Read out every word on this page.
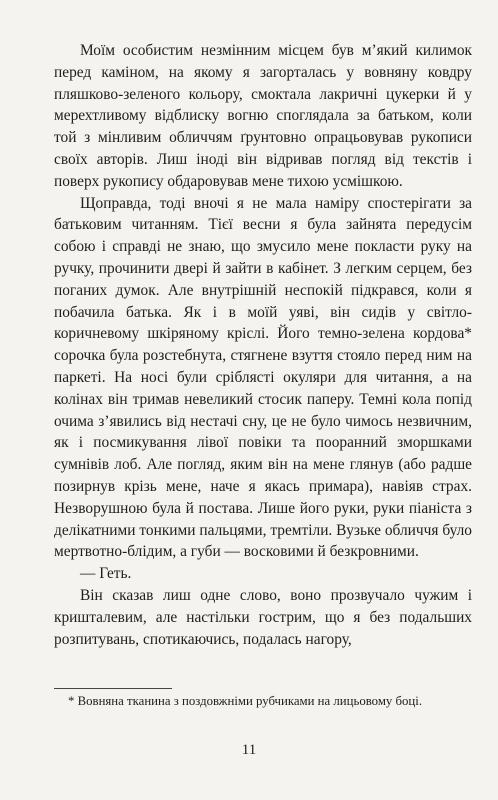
Моїм особистим незмінним місцем був м’який килимок перед каміном, на якому я загорталась у вовняну ковдру пляшково-зеленого кольору, смоктала лакричні цукерки й у мерехтливому відблиску вогню споглядала за батьком, коли той з мінливим обличчям ґрунтовно опрацьовував рукописи своїх авторів. Лиш іноді він відривав погляд від текстів і поверх рукопису обдаровував мене тихою усмішкою.

Щоправда, тоді вночі я не мала наміру спостерігати за батьковим читанням. Тієї весни я була зайнята передусім собою і справді не знаю, що змусило мене покласти руку на ручку, прочинити двері й зайти в кабінет. З легким серцем, без поганих думок. Але внутрішній неспокій підкрався, коли я побачила батька. Як і в моїй уяві, він сидів у світло-коричневому шкіряному кріслі. Його темно-зелена кордова* сорочка була розстебнута, стягнене взуття стояло перед ним на паркеті. На носі були сріблясті окуляри для читання, а на колінах він тримав невеликий стосик паперу. Темні кола попід очима з’явились від нестачі сну, це не було чимось незвичним, як і посмикування лівої повіки та пооранний зморшками сумнівів лоб. Але погляд, яким він на мене глянув (або радше позирнув крізь мене, наче я якась примара), навіяв страх. Незворушною була й постава. Лише його руки, руки піаніста з делікатними тонкими пальцями, тремтіли. Вузьке обличчя було мертвотно-блідим, а губи — восковими й безкровними.

— Геть.

Він сказав лиш одне слово, воно прозвучало чужим і кришталевим, але настільки гострим, що я без подальших розпитувань, спотикаючись, подалась нагору,

* Вовняна тканина з поздовжніми рубчиками на лицьовому боці.

11
